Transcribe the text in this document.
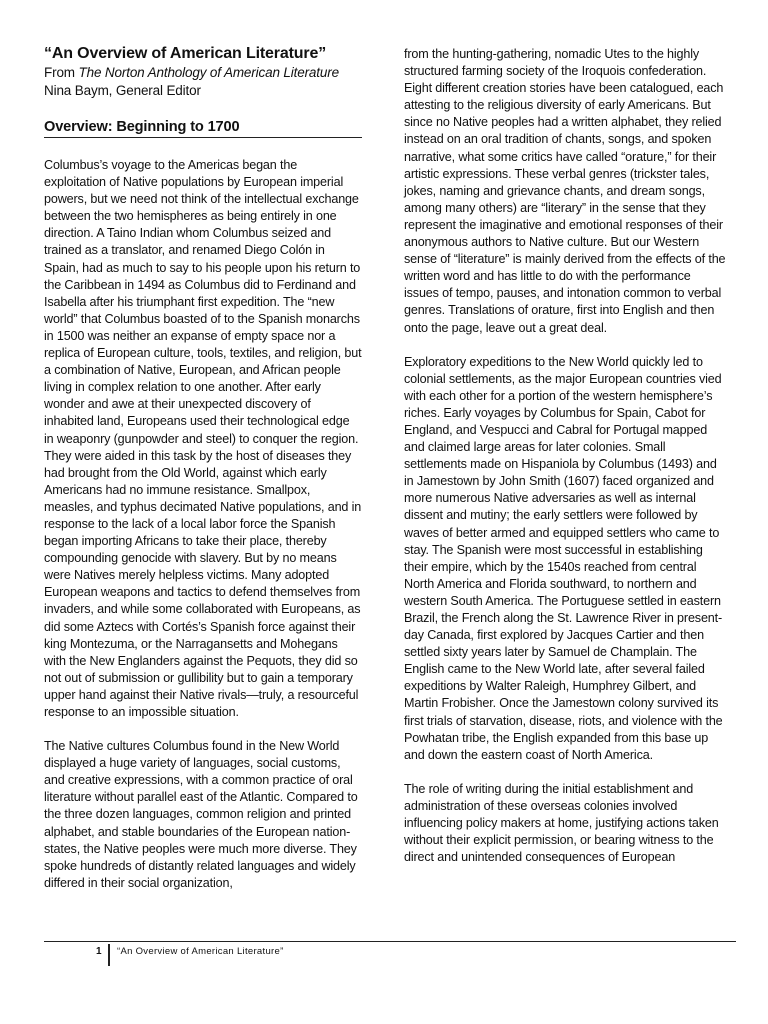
“An Overview of American Literature”

From The Norton Anthology of American Literature

Nina Baym, General Editor

Overview: Beginning to 1700

Columbus’s voyage to the Americas began the exploitation of Native populations by European imperial powers, but we need not think of the intellectual exchange between the two hemispheres as being entirely in one direction. A Taino Indian whom Columbus seized and trained as a translator, and renamed Diego Colón in Spain, had as much to say to his people upon his return to the Caribbean in 1494 as Columbus did to Ferdinand and Isabella after his triumphant first expedition. The “new world” that Columbus boasted of to the Spanish monarchs in 1500 was neither an expanse of empty space nor a replica of European culture, tools, textiles, and religion, but a combination of Native, European, and African people living in complex relation to one another. After early wonder and awe at their unexpected discovery of inhabited land, Europeans used their technological edge in weaponry (gunpowder and steel) to conquer the region. They were aided in this task by the host of diseases they had brought from the Old World, against which early Americans had no immune resistance. Smallpox, measles, and typhus decimated Native populations, and in response to the lack of a local labor force the Spanish began importing Africans to take their place, thereby compounding genocide with slavery. But by no means were Natives merely helpless victims. Many adopted European weapons and tactics to defend themselves from invaders, and while some collaborated with Europeans, as did some Aztecs with Cortés’s Spanish force against their king Montezuma, or the Narragansetts and Mohegans with the New Englanders against the Pequots, they did so not out of submission or gullibility but to gain a temporary upper hand against their Native rivals—truly, a resourceful response to an impossible situation.

The Native cultures Columbus found in the New World displayed a huge variety of languages, social customs, and creative expressions, with a common practice of oral literature without parallel east of the Atlantic. Compared to the three dozen languages, common religion and printed alphabet, and stable boundaries of the European nation-states, the Native peoples were much more diverse. They spoke hundreds of distantly related languages and widely differed in their social organization,

from the hunting-gathering, nomadic Utes to the highly structured farming society of the Iroquois confederation. Eight different creation stories have been catalogued, each attesting to the religious diversity of early Americans. But since no Native peoples had a written alphabet, they relied instead on an oral tradition of chants, songs, and spoken narrative, what some critics have called “orature,” for their artistic expressions. These verbal genres (trickster tales, jokes, naming and grievance chants, and dream songs, among many others) are “literary” in the sense that they represent the imaginative and emotional responses of their anonymous authors to Native culture. But our Western sense of “literature” is mainly derived from the effects of the written word and has little to do with the performance issues of tempo, pauses, and intonation common to verbal genres. Translations of orature, first into English and then onto the page, leave out a great deal.

Exploratory expeditions to the New World quickly led to colonial settlements, as the major European countries vied with each other for a portion of the western hemisphere’s riches. Early voyages by Columbus for Spain, Cabot for England, and Vespucci and Cabral for Portugal mapped and claimed large areas for later colonies. Small settlements made on Hispaniola by Columbus (1493) and in Jamestown by John Smith (1607) faced organized and more numerous Native adversaries as well as internal dissent and mutiny; the early settlers were followed by waves of better armed and equipped settlers who came to stay. The Spanish were most successful in establishing their empire, which by the 1540s reached from central North America and Florida southward, to northern and western South America. The Portuguese settled in eastern Brazil, the French along the St. Lawrence River in present-day Canada, first explored by Jacques Cartier and then settled sixty years later by Samuel de Champlain. The English came to the New World late, after several failed expeditions by Walter Raleigh, Humphrey Gilbert, and Martin Frobisher. Once the Jamestown colony survived its first trials of starvation, disease, riots, and violence with the Powhatan tribe, the English expanded from this base up and down the eastern coast of North America.

The role of writing during the initial establishment and administration of these overseas colonies involved influencing policy makers at home, justifying actions taken without their explicit permission, or bearing witness to the direct and unintended consequences of European

1 “An Overview of American Literature”
